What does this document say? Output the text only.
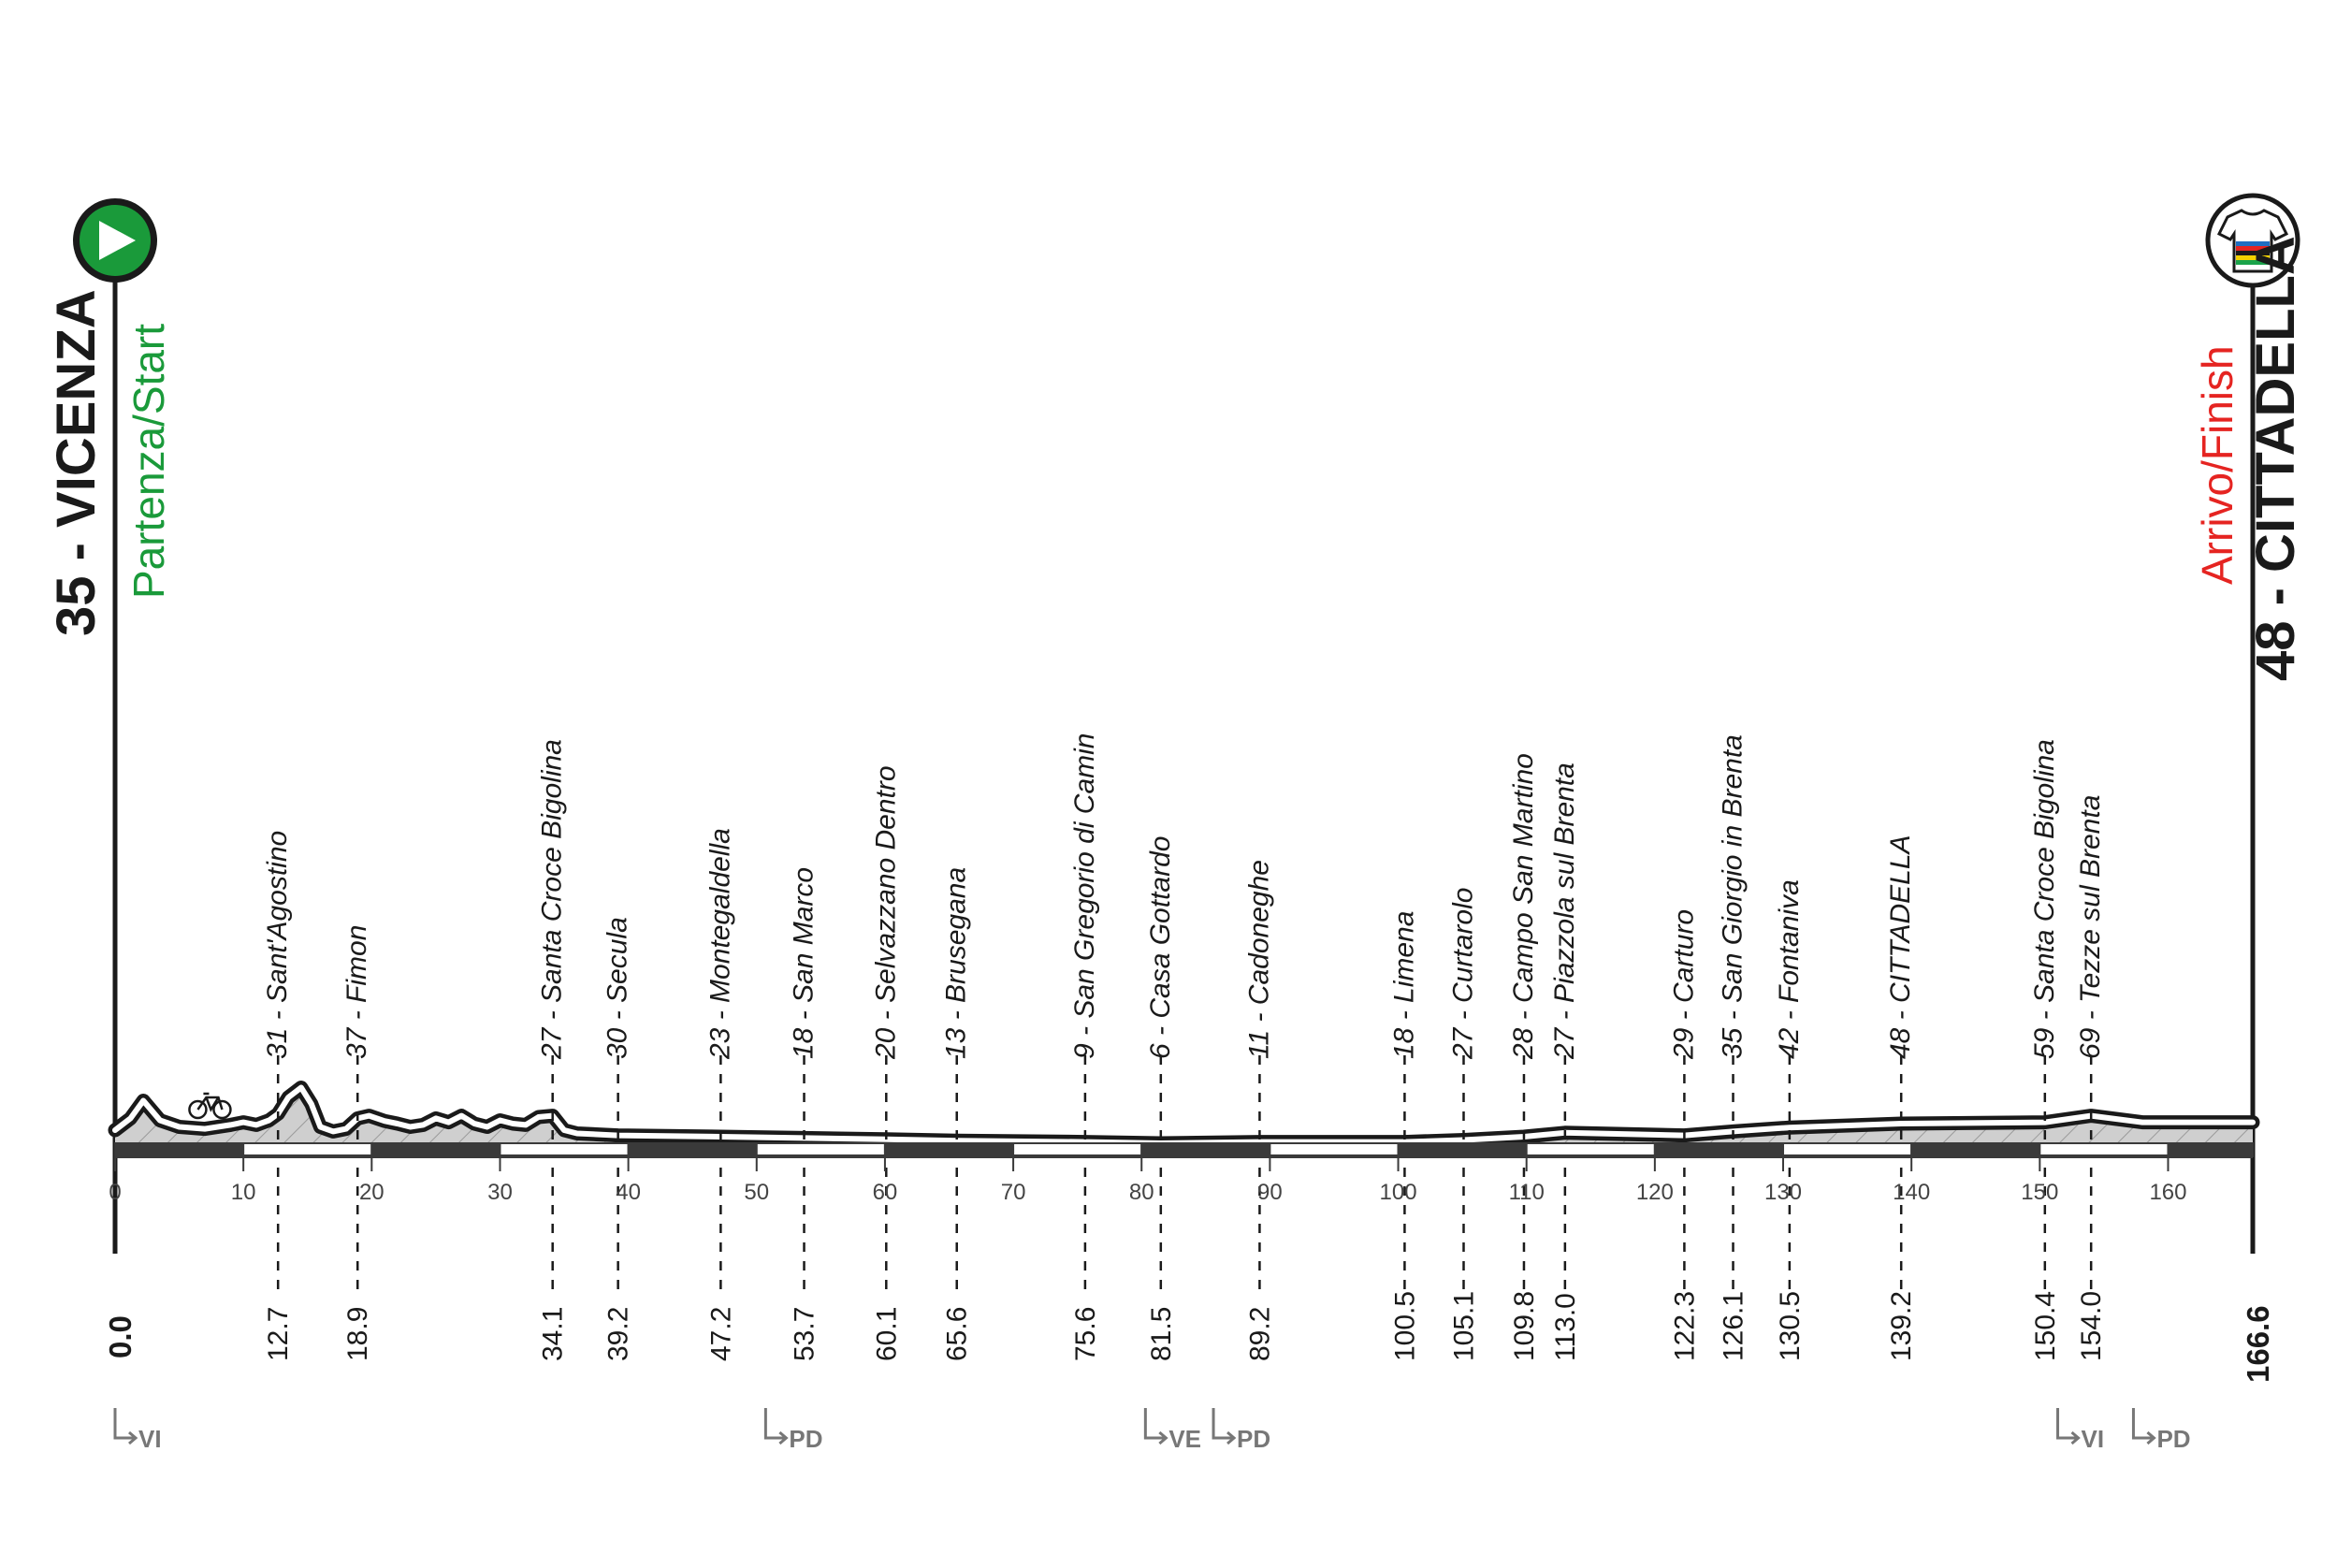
35 - VICENZA Partenza/Start	48 - CITTADELLA
Arrivo/Finish
31 - Sant'Agostino 37 - Fimon	27 - Santa Croce Bigolina 30 - Secula	23 - Montegaldella 18 - San Marco 20 - Selvazzano Dentro 13 - Brusegana	9 - San Gregorio di Camin 6 - Casa Gottardo 11 - Cadoneghe	18 - Limena 27 - Curtarolo 28 - Campo San Martino 27 - Piazzola sul Brenta	29 - Carturo 35 - San Giorgio in Brenta 42 - Fontaniva	48 - CITTADELLA	59 - Santa Croce Bigolina 69 - Tezze sul Brenta
0	10	20	30	40	50	60	70	80	90	100	110	120	130	140	150	160
12.7 18.9	34.1 39.2	47.2 53.7 60.1 65.6	75.6 81.5 89.2	100.5 105.1 109.8 113.0	122.3 126.1 130.5	139.2	150.4 154.0
VI	PD	VE PD	VI PD
0.0	166.6
